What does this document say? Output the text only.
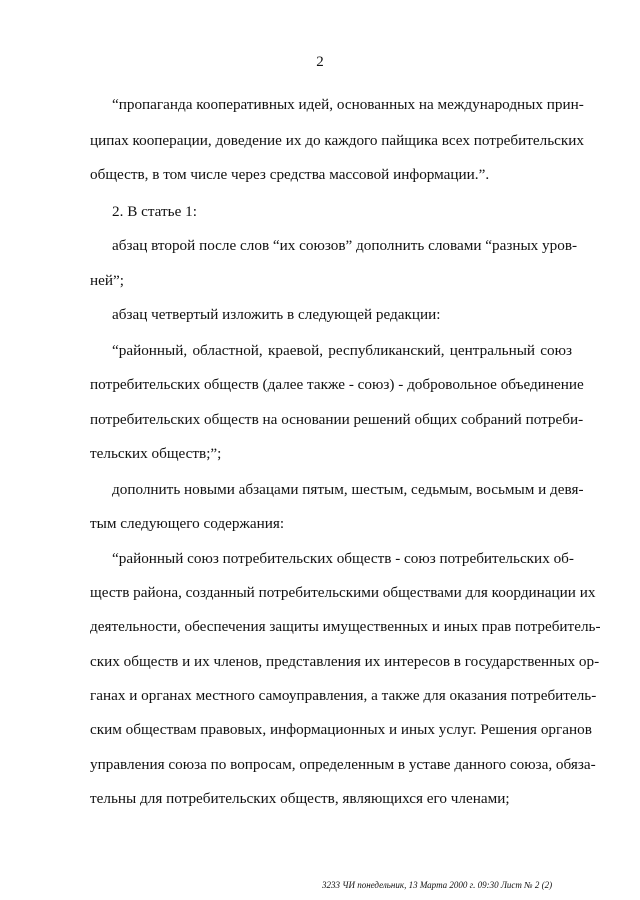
2
“пропаганда кооперативных идей, основанных на международных прин-
ципах кооперации, доведение их до каждого пайщика всех потребительских
обществ, в том числе через средства массовой информации.”.
2. В статье 1:
абзац второй после слов “их союзов” дополнить словами “разных уров-
ней”;
абзац четвертый изложить в следующей редакции:
“районный, областной, краевой, республиканский, центральный союз
потребительских обществ (далее также - союз) - добровольное объединение
потребительских обществ на основании решений общих собраний потреби-
тельских обществ;”;
дополнить новыми абзацами пятым, шестым, седьмым, восьмым и девя-
тым следующего содержания:
“районный союз потребительских обществ - союз потребительских об-
ществ района, созданный потребительскими обществами для координации их
деятельности, обеспечения защиты имущественных и иных прав потребитель-
ских обществ и их членов, представления их интересов в государственных ор-
ганах и органах местного самоуправления, а также для оказания потребитель-
ским обществам правовых, информационных и иных услуг. Решения органов
управления союза по вопросам, определенным в уставе данного союза, обяза-
тельны для потребительских обществ, являющихся его членами;
3233 ЧИ понедельник, 13 Марта 2000 г. 09:30 Лист № 2 (2)
